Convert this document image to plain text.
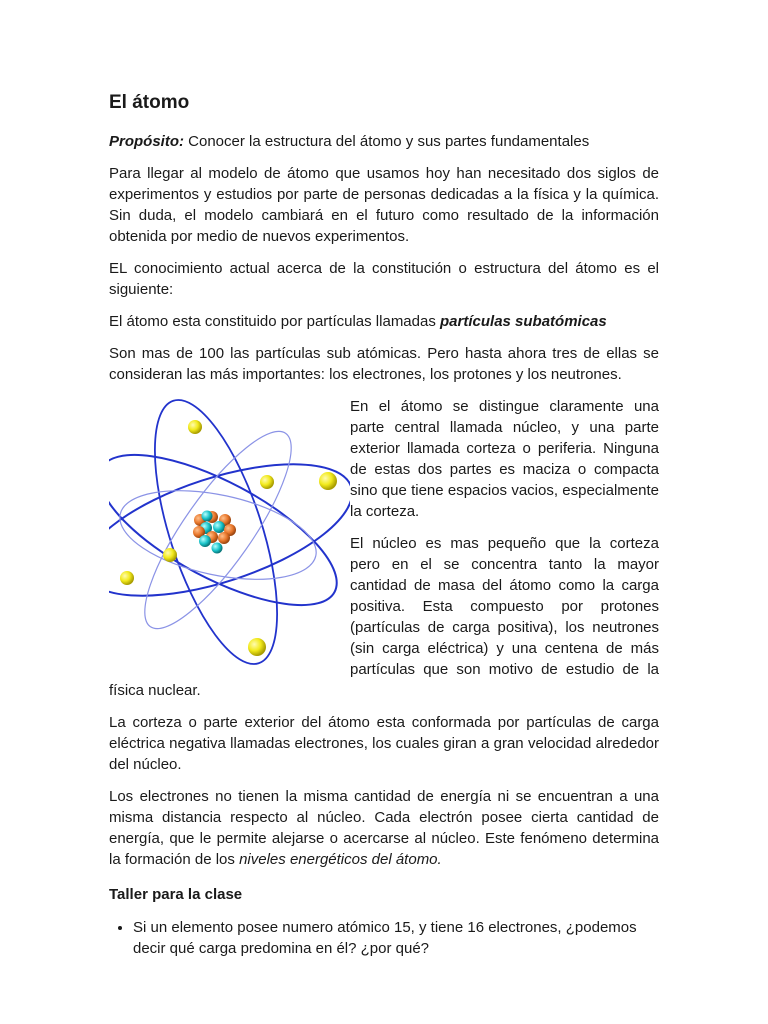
El átomo

Propósito: Conocer la estructura del átomo y sus partes fundamentales

Para llegar al modelo de átomo que usamos hoy han necesitado dos siglos de experimentos y estudios por parte de personas dedicadas a la física y la química. Sin duda, el modelo cambiará en el futuro como resultado de la información obtenida por medio de nuevos experimentos.

EL conocimiento actual acerca de la constitución o estructura del átomo es el siguiente:

El átomo esta constituido por partículas llamadas partículas subatómicas

Son mas de 100 las partículas sub atómicas. Pero hasta ahora tres de ellas se consideran las más importantes: los electrones, los protones y los neutrones.

En el átomo se distingue claramente una parte central llamada núcleo, y una parte exterior llamada corteza o periferia. Ninguna de estas dos partes es maciza o compacta sino que tiene espacios vacios, especialmente la corteza.

El núcleo es mas pequeño que la corteza pero en el se concentra tanto la mayor cantidad de masa del átomo como la carga positiva. Esta compuesto por protones (partículas de carga positiva), los neutrones (sin carga eléctrica) y una centena de más partículas que son motivo de estudio de la física nuclear.

La corteza o parte exterior del átomo esta conformada por partículas de carga eléctrica negativa llamadas electrones, los cuales giran a gran velocidad alrededor del núcleo.

Los electrones no tienen la misma cantidad de energía ni se encuentran a una misma distancia respecto al núcleo. Cada electrón posee cierta cantidad de energía, que le permite alejarse o acercarse al núcleo. Este fenómeno determina la formación de los niveles energéticos del átomo.

Taller para la clase
• Si un elemento posee numero atómico 15, y tiene 16 electrones, ¿podemos decir qué carga predomina en él? ¿por qué?
